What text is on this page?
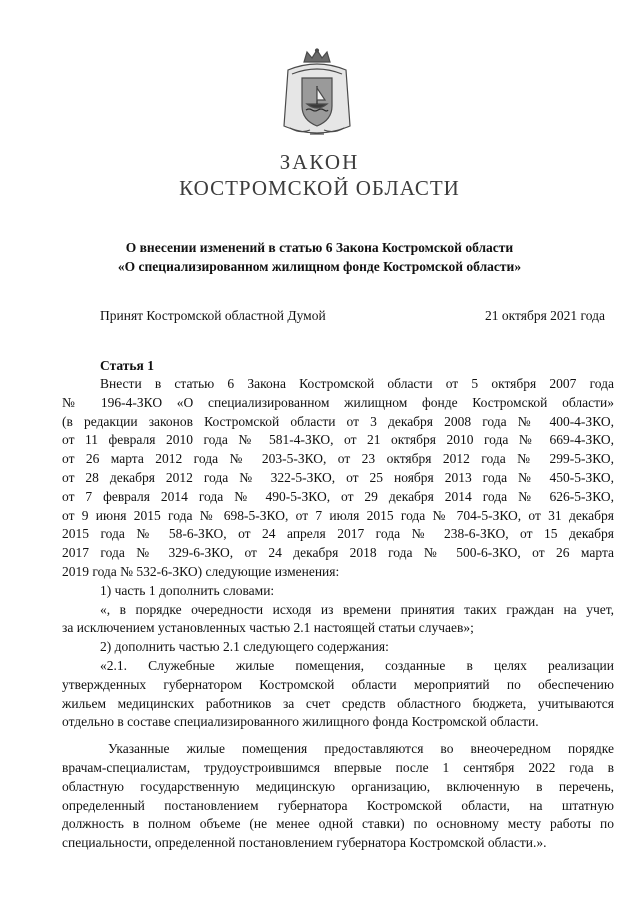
ЗАКОН
КОСТРОМСКОЙ ОБЛАСТИ
О внесении изменений в статью 6 Закона Костромской области
«О специализированном жилищном фонде Костромской области»
Принят Костромской областной Думой	21 октября 2021 года
Статья 1

Внести в статью 6 Закона Костромской области от 5 октября 2007 года

№ 196-4-ЗКО «О специализированном жилищном фонде Костромской области»

(в редакции законов Костромской области от 3 декабря 2008 года № 400-4-ЗКО,

от 11 февраля 2010 года № 581-4-ЗКО, от 21 октября 2010 года № 669-4-ЗКО,

от 26 марта 2012 года № 203-5-ЗКО, от 23 октября 2012 года № 299-5-ЗКО,

от 28 декабря 2012 года № 322-5-ЗКО, от 25 ноября 2013 года № 450-5-ЗКО,

от 7 февраля 2014 года № 490-5-ЗКО, от 29 декабря 2014 года № 626-5-ЗКО,

от 9 июня 2015 года № 698-5-ЗКО, от 7 июля 2015 года № 704-5-ЗКО, от 31 декабря

2015 года № 58-6-ЗКО, от 24 апреля 2017 года № 238-6-ЗКО, от 15 декабря

2017 года № 329-6-ЗКО, от 24 декабря 2018 года № 500-6-ЗКО, от 26 марта

2019 года № 532-6-ЗКО) следующие изменения:

1) часть 1 дополнить словами:

«, в порядке очередности исходя из времени принятия таких граждан на учет,

за исключением установленных частью 2.1 настоящей статьи случаев»;

2) дополнить частью 2.1 следующего содержания:

«2.1. Служебные жилые помещения, созданные в целях реализации

утвержденных губернатором Костромской области мероприятий по обеспечению

жильем медицинских работников за счет средств областного бюджета, учитываются

отдельно в составе специализированного жилищного фонда Костромской области.

Указанные жилые помещения предоставляются во внеочередном порядке

врачам-специалистам, трудоустроившимся впервые после 1 сентября 2022 года в

областную государственную медицинскую организацию, включенную в перечень,

определенный постановлением губернатора Костромской области, на штатную

должность в полном объеме (не менее одной ставки) по основному месту работы по

специальности, определенной постановлением губернатора Костромской области.».
